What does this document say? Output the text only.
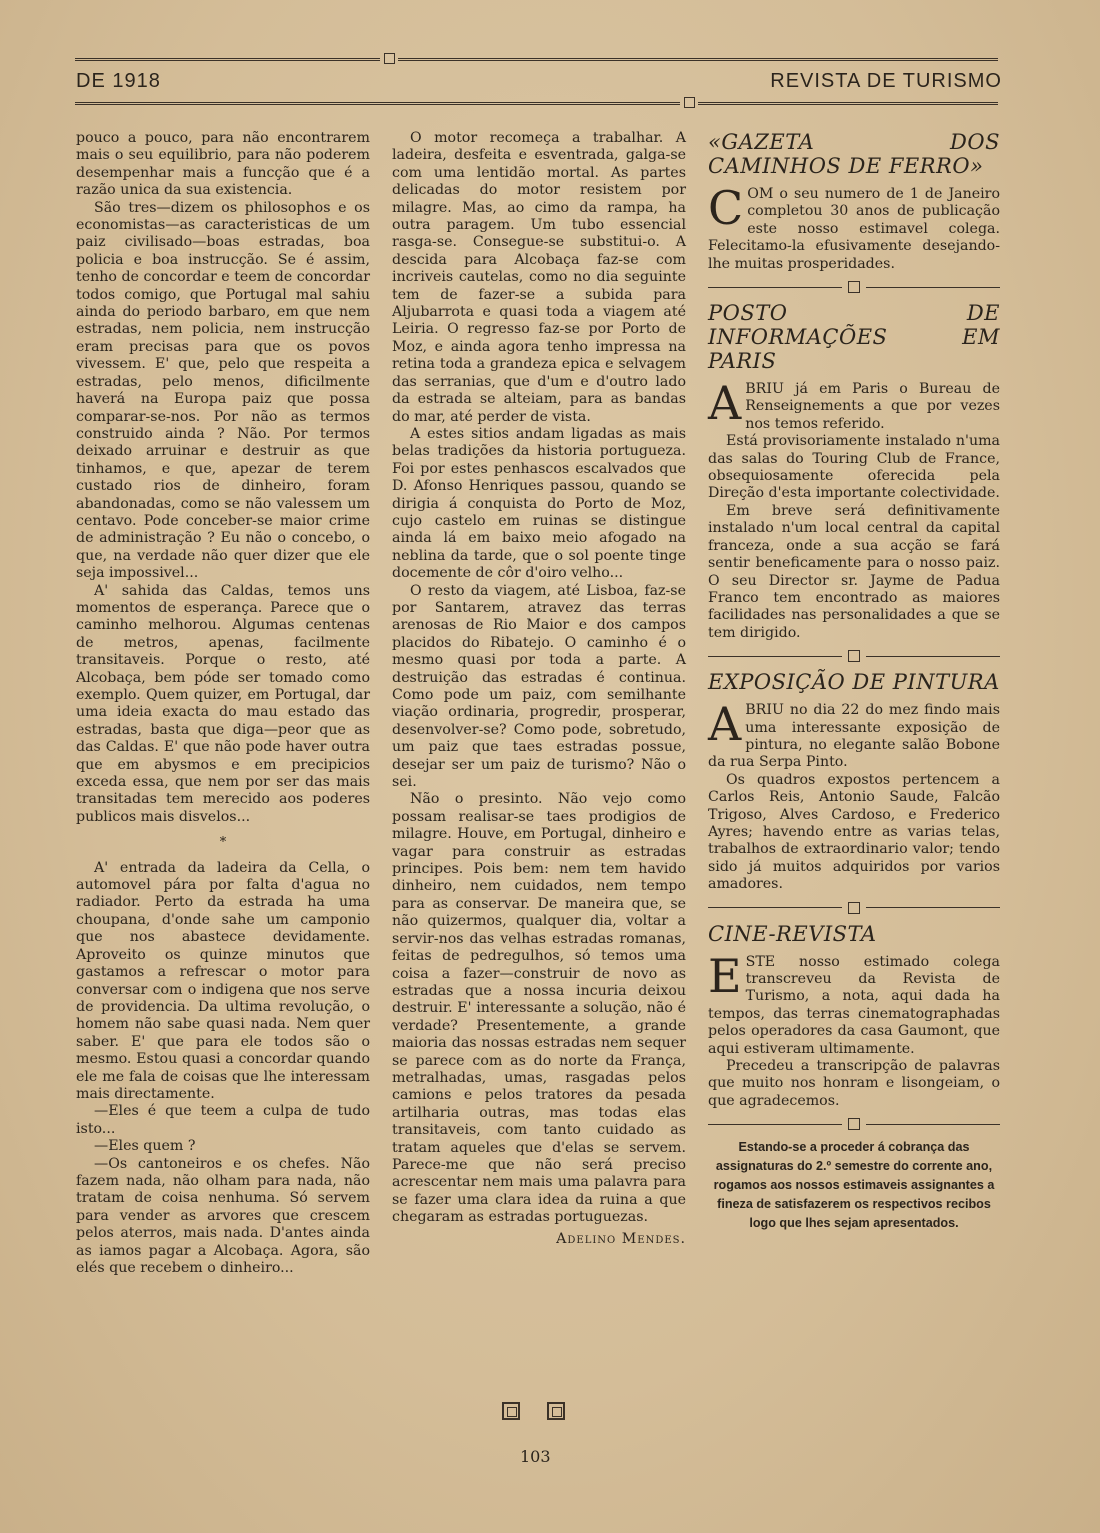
DE 1918	REVISTA DE TURISMO

pouco a pouco, para não encontrarem mais o seu equilibrio, para não poderem desempenhar mais a funcção que é a razão unica da sua existencia.

São tres—dizem os philosophos e os economistas—as caracteristicas de um paiz civilisado—boas estradas, boa policia e boa instrucção. Se é assim, tenho de concordar e teem de concordar todos comigo, que Portugal mal sahiu ainda do periodo barbaro, em que nem estradas, nem policia, nem instrucção eram precisas para que os povos vivessem. E' que, pelo que respeita a estradas, pelo menos, dificilmente haverá na Europa paiz que possa comparar-se-nos. Por não as termos construido ainda ? Não. Por termos deixado arruinar e destruir as que tinhamos, e que, apezar de terem custado rios de dinheiro, foram abandonadas, como se não valessem um centavo. Pode conceber-se maior crime de administração ? Eu não o concebo, o que, na verdade não quer dizer que ele seja impossivel...

A' sahida das Caldas, temos uns momentos de esperança. Parece que o caminho melhorou. Algumas centenas de metros, apenas, facilmente transitaveis. Porque o resto, até Alcobaça, bem póde ser tomado como exemplo. Quem quizer, em Portugal, dar uma ideia exacta do mau estado das estradas, basta que diga—peor que as das Caldas. E' que não pode haver outra que em abysmos e em precipicios exceda essa, que nem por ser das mais transitadas tem merecido aos poderes publicos mais disvelos...

*

A' entrada da ladeira da Cella, o automovel pára por falta d'agua no radiador. Perto da estrada ha uma choupana, d'onde sahe um camponio que nos abastece devidamente. Aproveito os quinze minutos que gastamos a refrescar o motor para conversar com o indigena que nos serve de providencia. Da ultima revolução, o homem não sabe quasi nada. Nem quer saber. E' que para ele todos são o mesmo. Estou quasi a concordar quando ele me fala de coisas que lhe interessam mais directamente.

—Eles é que teem a culpa de tudo isto...

—Eles quem ?

—Os cantoneiros e os chefes. Não fazem nada, não olham para nada, não tratam de coisa nenhuma. Só servem para vender as arvores que crescem pelos aterros, mais nada. D'antes ainda as iamos pagar a Alcobaça. Agora, são elés que recebem o dinheiro...

O motor recomeça a trabalhar. A ladeira, desfeita e esventrada, galga-se com uma lentidão mortal. As partes delicadas do motor resistem por milagre. Mas, ao cimo da rampa, ha outra paragem. Um tubo essencial rasga-se. Consegue-se substitui-o. A descida para Alcobaça faz-se com incriveis cautelas, como no dia seguinte tem de fazer-se a subida para Aljubarrota e quasi toda a viagem até Leiria. O regresso faz-se por Porto de Moz, e ainda agora tenho impressa na retina toda a grandeza epica e selvagem das serranias, que d'um e d'outro lado da estrada se alteiam, para as bandas do mar, até perder de vista.

A estes sitios andam ligadas as mais belas tradições da historia portugueza. Foi por estes penhascos escalvados que D. Afonso Henriques passou, quando se dirigia á conquista do Porto de Moz, cujo castelo em ruinas se distingue ainda lá em baixo meio afogado na neblina da tarde, que o sol poente tinge docemente de côr d'oiro velho...

O resto da viagem, até Lisboa, faz-se por Santarem, atravez das terras arenosas de Rio Maior e dos campos placidos do Ribatejo. O caminho é o mesmo quasi por toda a parte. A destruição das estradas é continua. Como pode um paiz, com semilhante viação ordinaria, progredir, prosperar, desenvolver-se? Como pode, sobretudo, um paiz que taes estradas possue, desejar ser um paiz de turismo? Não o sei.

Não o presinto. Não vejo como possam realisar-se taes prodigios de milagre. Houve, em Portugal, dinheiro e vagar para construir as estradas principes. Pois bem: nem tem havido dinheiro, nem cuidados, nem tempo para as conservar. De maneira que, se não quizermos, qualquer dia, voltar a servir-nos das velhas estradas romanas, feitas de pedregulhos, só temos uma coisa a fazer—construir de novo as estradas que a nossa incuria deixou destruir. E' interessante a solução, não é verdade? Presentemente, a grande maioria das nossas estradas nem sequer se parece com as do norte da França, metralhadas, umas, rasgadas pelos camions e pelos tratores da pesada artilharia outras, mas todas elas transitaveis, com tanto cuidado as tratam aqueles que d'elas se servem. Parece-me que não será preciso acrescentar nem mais uma palavra para se fazer uma clara idea da ruina a que chegaram as estradas portuguezas.

Adelino Mendes.
«GAZETA DOS CAMINHOS DE FERRO»

COM o seu numero de 1 de Janeiro completou 30 anos de publicação este nosso estimavel colega. Felecitamo-la efusivamente desejando-lhe muitas prosperidades.

POSTO DE INFORMAÇÕES EM PARIS

ABRIU já em Paris o Bureau de Renseignements a que por vezes nos temos referido.

Está provisoriamente instalado n'uma das salas do Touring Club de France, obsequiosamente oferecida pela Direção d'esta importante colectividade.

Em breve será definitivamente instalado n'um local central da capital franceza, onde a sua acção se fará sentir beneficamente para o nosso paiz. O seu Director sr. Jayme de Padua Franco tem encontrado as maiores facilidades nas personalidades a que se tem dirigido.

EXPOSIÇÃO DE PINTURA

ABRIU no dia 22 do mez findo mais uma interessante exposição de pintura, no elegante salão Bobone da rua Serpa Pinto.

Os quadros expostos pertencem a Carlos Reis, Antonio Saude, Falcão Trigoso, Alves Cardoso, e Frederico Ayres; havendo entre as varias telas, trabalhos de extraordinario valor; tendo sido já muitos adquiridos por varios amadores.

CINE-REVISTA

ESTE nosso estimado colega transcreveu da Revista de Turismo, a nota, aqui dada ha tempos, das terras cinematographadas pelos operadores da casa Gaumont, que aqui estiveram ultimamente.

Precedeu a transcripção de palavras que muito nos honram e lisongeiam, o que agradecemos.

Estando-se a proceder á cobrança das assignaturas do 2.º semestre do corrente ano, rogamos aos nossos estimaveis assignantes a fineza de satisfazerem os respectivos recibos logo que lhes sejam apresentados.
103
